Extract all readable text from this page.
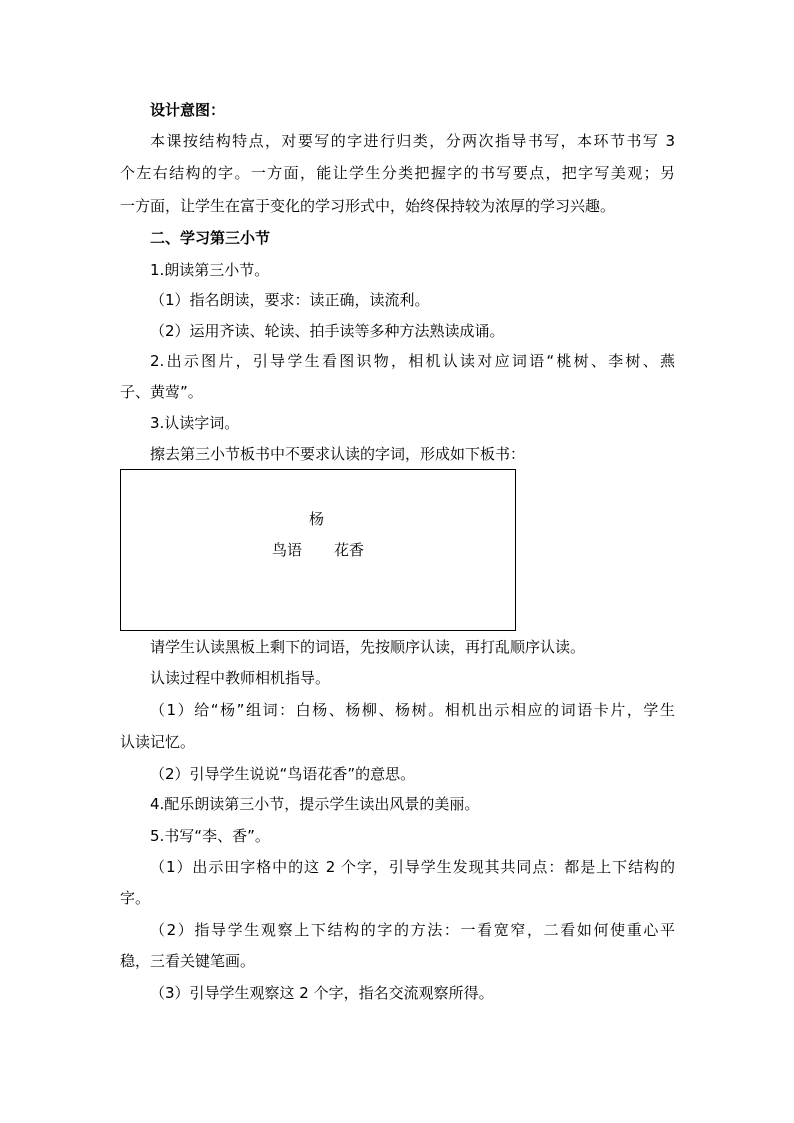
设计意图：
本课按结构特点，对要写的字进行归类，分两次指导书写，本环节书写 3
个左右结构的字。一方面，能让学生分类把握字的书写要点，把字写美观；另
一方面，让学生在富于变化的学习形式中，始终保持较为浓厚的学习兴趣。
二、学习第三小节
1.朗读第三小节。
（1）指名朗读，要求：读正确，读流利。
（2）运用齐读、轮读、拍手读等多种方法熟读成诵。
2.出示图片，引导学生看图识物，相机认读对应词语“桃树、李树、燕
子、黄莺”。
3.认读字词。
擦去第三小节板书中不要求认读的字词，形成如下板书：
杨
鸟语 花香
请学生认读黑板上剩下的词语，先按顺序认读，再打乱顺序认读。
认读过程中教师相机指导。
（1）给“杨”组词：白杨、杨柳、杨树。相机出示相应的词语卡片，学生
认读记忆。
（2）引导学生说说“鸟语花香”的意思。
4.配乐朗读第三小节，提示学生读出风景的美丽。
5.书写“李、香”。
（1）出示田字格中的这 2 个字，引导学生发现其共同点：都是上下结构的
字。
（2）指导学生观察上下结构的字的方法：一看宽窄，二看如何使重心平
稳，三看关键笔画。
（3）引导学生观察这 2 个字，指名交流观察所得。
